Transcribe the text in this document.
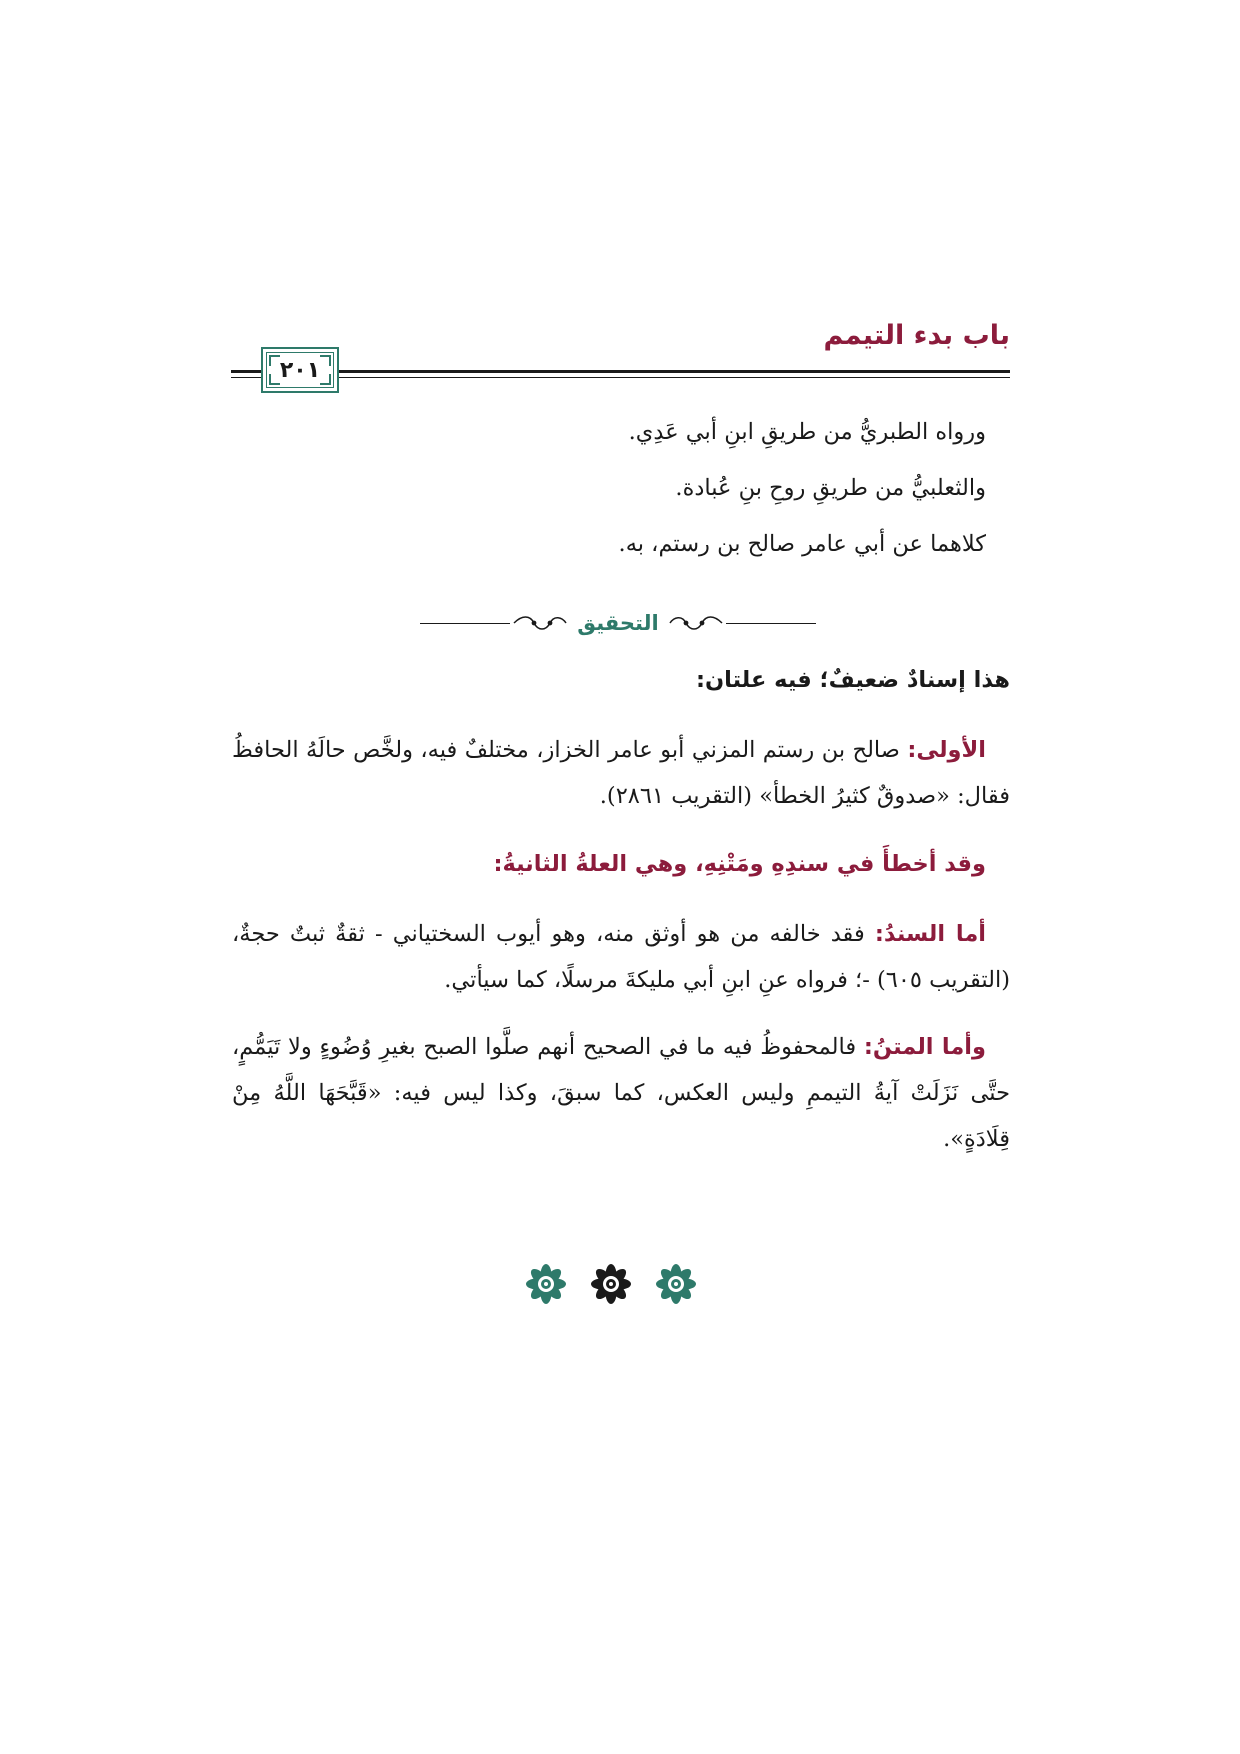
باب بدء التيمم
٢٠١
ورواه الطبريُّ من طريقِ ابنِ أبي عَدِي.
والثعلبيُّ من طريقِ روحِ بنِ عُبادة.
كلاهما عن أبي عامر صالح بن رستم، به.
التحقيق
هذا إسنادٌ ضعيفٌ؛ فيه علتان:
الأولى: صالح بن رستم المزني أبو عامر الخزاز، مختلفٌ فيه، ولخَّص حالَهُ الحافظُ فقال: «صدوقٌ كثيرُ الخطأ» (التقريب ٢٨٦١).
وقد أخطأَ في سندِهِ ومَتْنِهِ، وهي العلةُ الثانيةُ:
أما السندُ: فقد خالفه من هو أوثق منه، وهو أيوب السختياني - ثقةٌ ثبتٌ حجةٌ، (التقريب ٦٠٥) -؛ فرواه عنِ ابنِ أبي مليكةَ مرسلًا، كما سيأتي.
وأما المتنُ: فالمحفوظُ فيه ما في الصحيح أنهم صلَّوا الصبح بغيرِ وُضُوءٍ ولا تَيَمُّمٍ، حتَّى نَزَلَتْ آيةُ التيممِ وليس العكس، كما سبقَ، وكذا ليس فيه: «قَبَّحَهَا اللَّهُ مِنْ قِلَادَةٍ».
